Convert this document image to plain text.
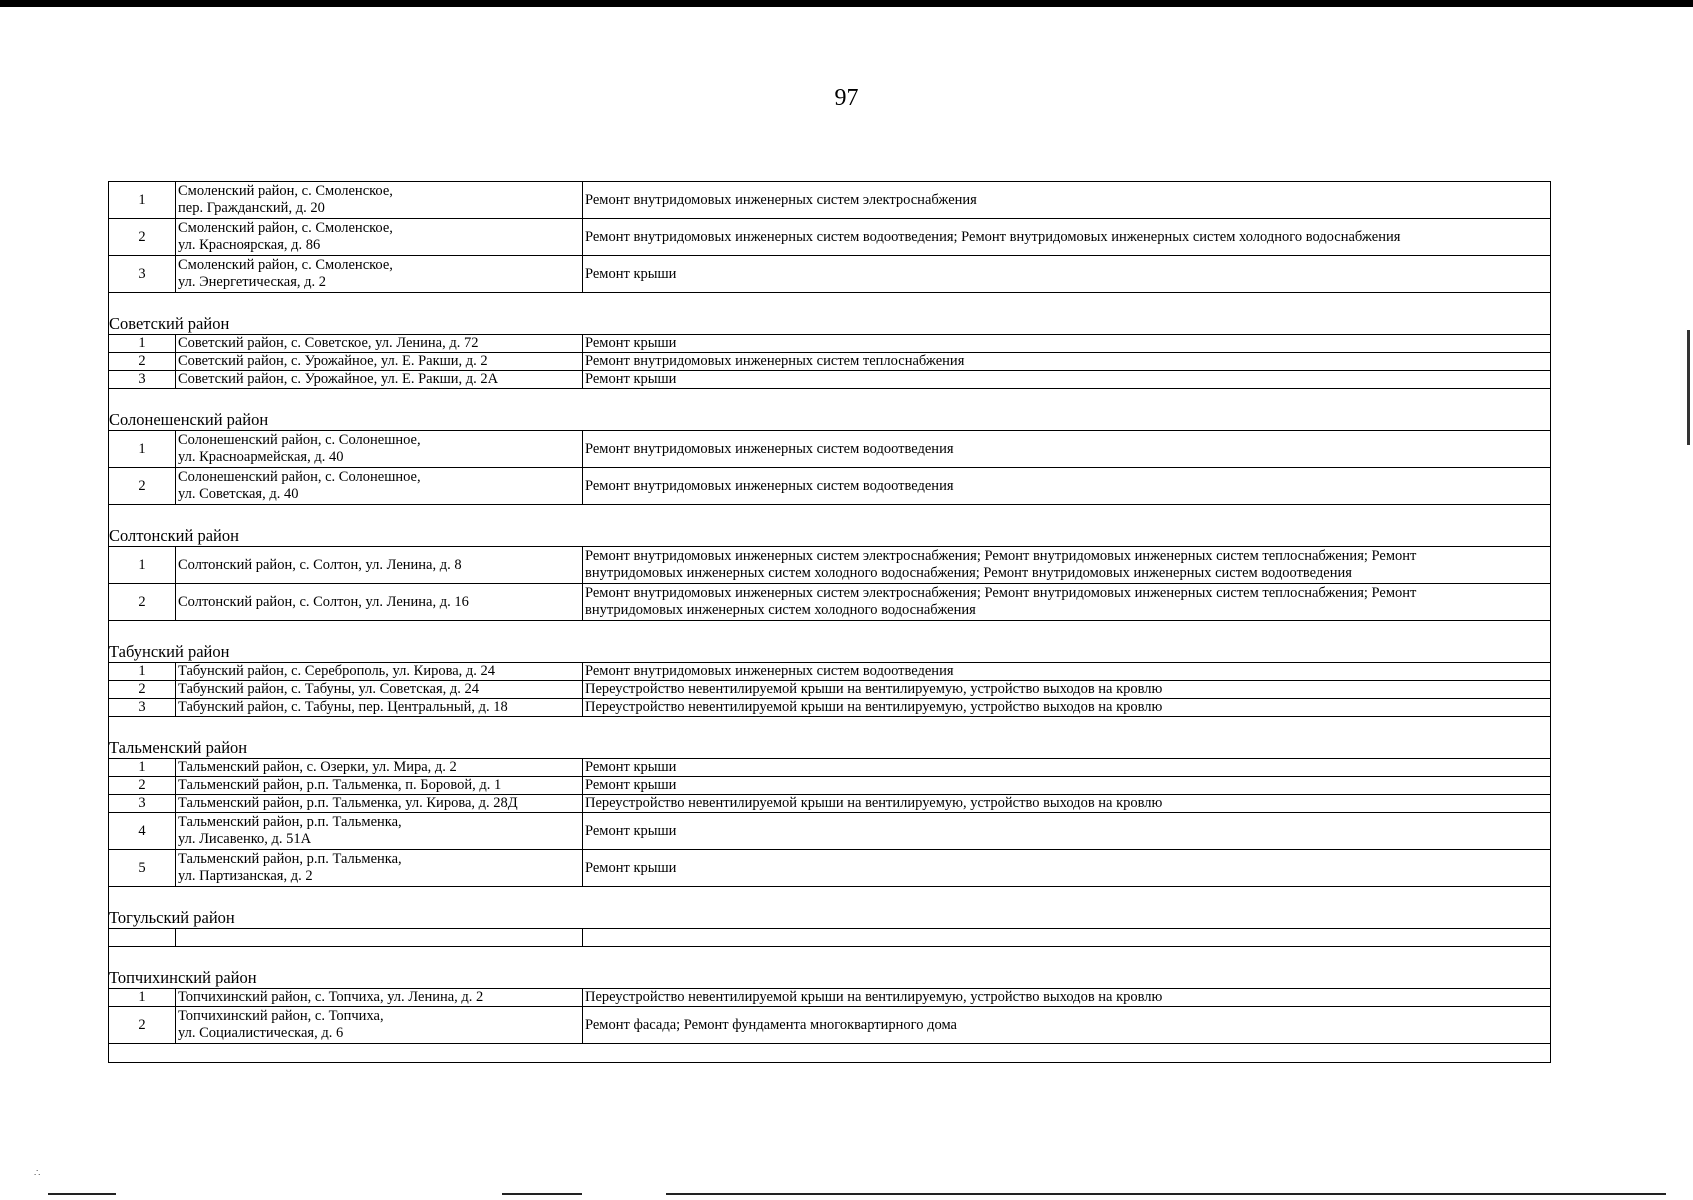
97
1	Смоленский район, с. Смоленское,
пер. Гражданский, д. 20	Ремонт внутридомовых инженерных систем электроснабжения
2	Смоленский район, с. Смоленское,
ул. Красноярская, д. 86	Ремонт внутридомовых инженерных систем водоотведения; Ремонт внутридомовых инженерных систем холодного водоснабжения
3	Смоленский район, с. Смоленское,
ул. Энергетическая, д. 2	Ремонт крыши

Советский район		
1	Советский район, с. Советское, ул. Ленина, д. 72	Ремонт крыши
2	Советский район, с. Урожайное, ул. Е. Ракши, д. 2	Ремонт внутридомовых инженерных систем теплоснабжения
3	Советский район, с. Урожайное, ул. Е. Ракши, д. 2А	Ремонт крыши

Солонешенский район		
1	Солонешенский район, с. Солонешное,
ул. Красноармейская, д. 40	Ремонт внутридомовых инженерных систем водоотведения
2	Солонешенский район, с. Солонешное,
ул. Советская, д. 40	Ремонт внутридомовых инженерных систем водоотведения

Солтонский район		
1	Солтонский район, с. Солтон, ул. Ленина, д. 8	Ремонт внутридомовых инженерных систем электроснабжения; Ремонт внутридомовых инженерных систем теплоснабжения; Ремонт
внутридомовых инженерных систем холодного водоснабжения; Ремонт внутридомовых инженерных систем водоотведения
2	Солтонский район, с. Солтон, ул. Ленина, д. 16	Ремонт внутридомовых инженерных систем электроснабжения; Ремонт внутридомовых инженерных систем теплоснабжения; Ремонт
внутридомовых инженерных систем холодного водоснабжения

Табунский район		
1	Табунский район, с. Сереброполь, ул. Кирова, д. 24	Ремонт внутридомовых инженерных систем водоотведения
2	Табунский район, с. Табуны, ул. Советская, д. 24	Переустройство невентилируемой крыши на вентилируемую, устройство выходов на кровлю
3	Табунский район, с. Табуны, пер. Центральный, д. 18	Переустройство невентилируемой крыши на вентилируемую, устройство выходов на кровлю

Тальменский район		
1	Тальменский район, с. Озерки, ул. Мира, д. 2	Ремонт крыши
2	Тальменский район, р.п. Тальменка, п. Боровой, д. 1	Ремонт крыши
3	Тальменский район, р.п. Тальменка, ул. Кирова, д. 28Д	Переустройство невентилируемой крыши на вентилируемую, устройство выходов на кровлю
4	Тальменский район, р.п. Тальменка,
ул. Лисавенко, д. 51А	Ремонт крыши
5	Тальменский район, р.п. Тальменка,
ул. Партизанская, д. 2	Ремонт крыши

Тогульский район		

Топчихинский район		
1	Топчихинский район, с. Топчиха, ул. Ленина, д. 2	Переустройство невентилируемой крыши на вентилируемую, устройство выходов на кровлю
2	Топчихинский район, с. Топчиха,
ул. Социалистическая, д. 6	Ремонт фасада; Ремонт фундамента многоквартирного дома

∴
